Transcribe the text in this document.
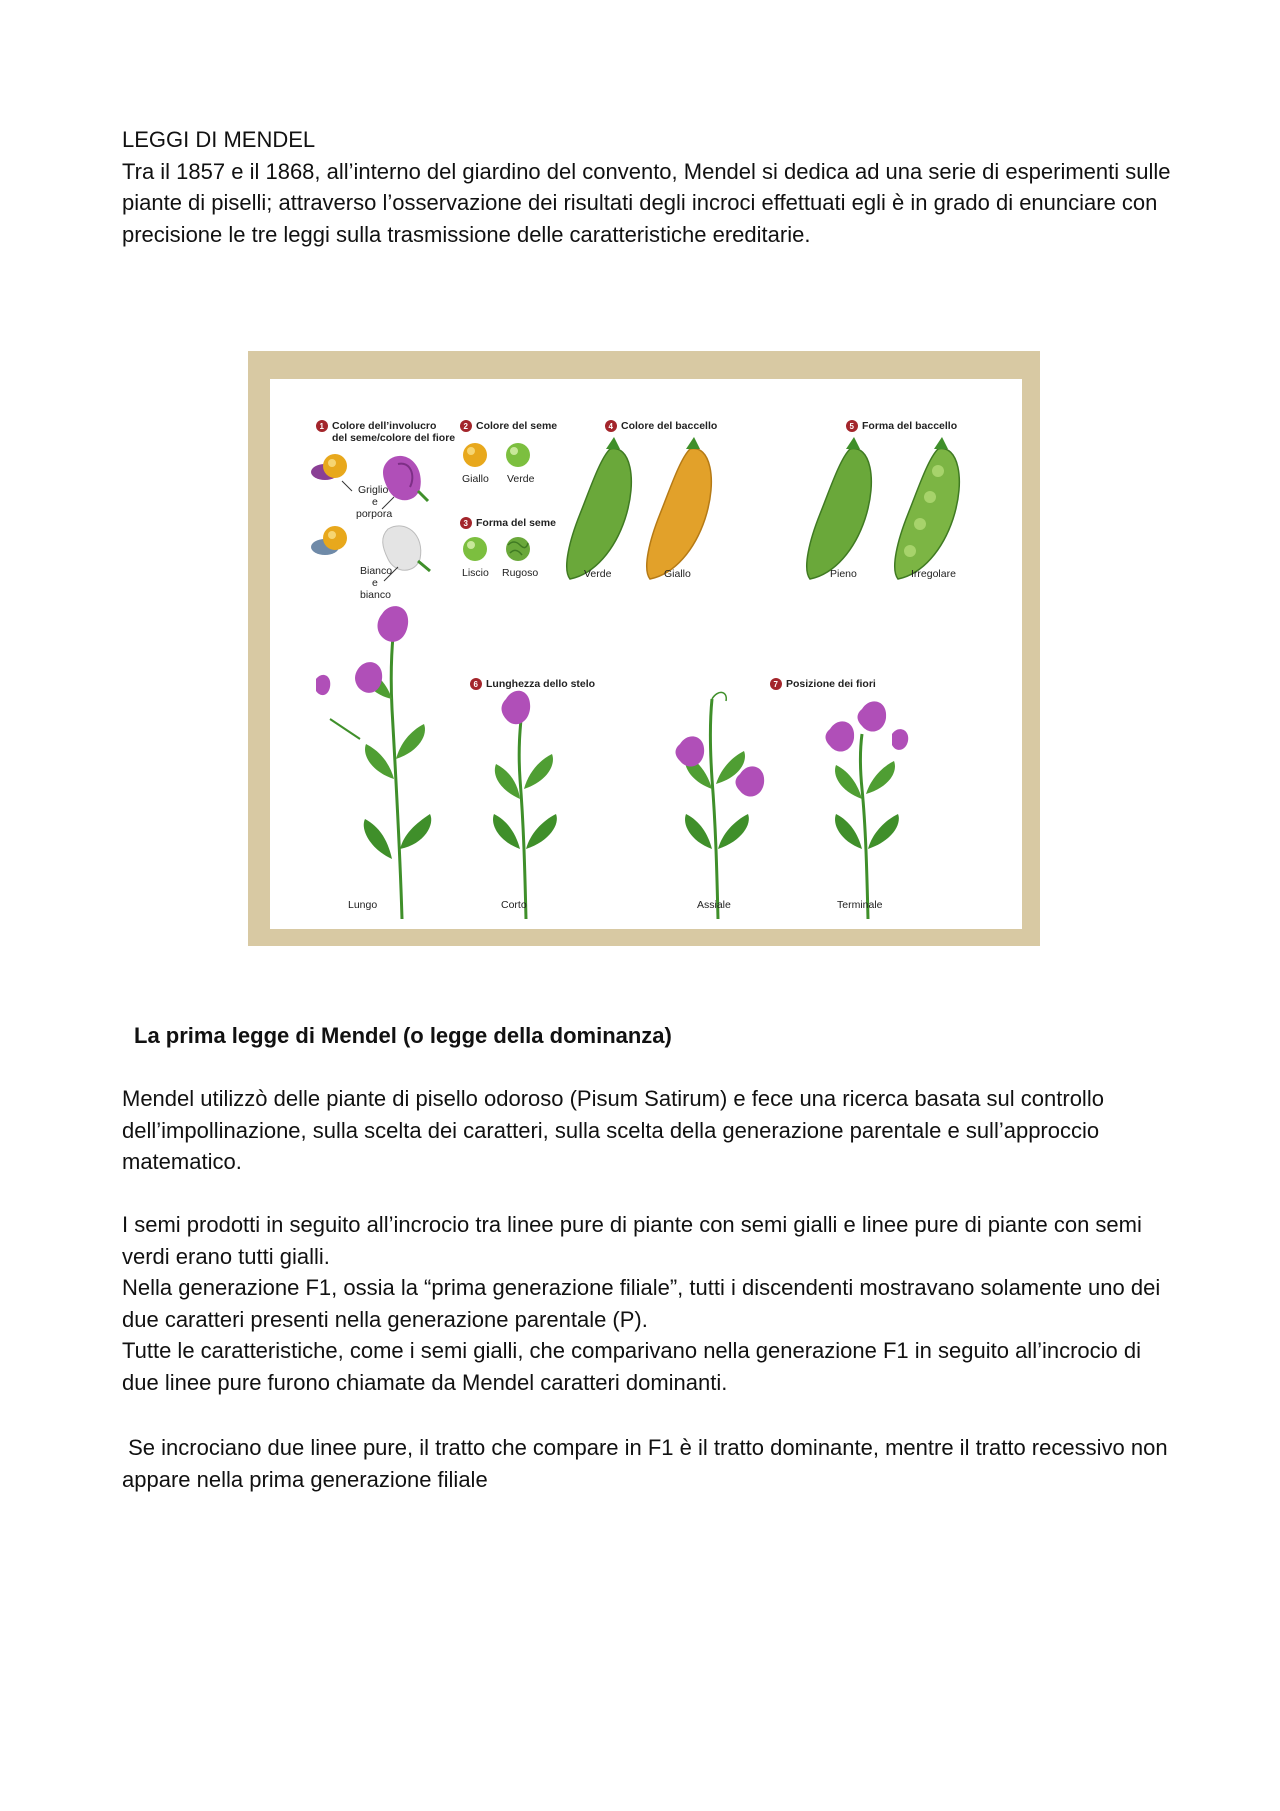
LEGGI DI MENDEL

Tra il 1857 e il 1868, all’interno del giardino del convento, Mendel si dedica ad una serie di esperimenti sulle piante di piselli; attraverso l’osservazione dei risultati degli incroci effettuati egli è in grado di enunciare con precisione le tre leggi sulla trasmissione delle caratteristiche ereditarie.

1	2
3
4	5
6	7
Colore dell’involucro
del seme/colore del fiore
Colore del seme
Forma del seme
Colore del baccello	Forma del baccello
Lunghezza dello stelo	Posizione dei fiori
Griglio
e
porpora
Bianco
e
bianco
Giallo Verde
Liscio Rugoso	Verde	Giallo	Pieno	Irregolare
Lungo	Corto	Assiale	Terminale
La prima legge di Mendel (o legge della dominanza)

Mendel utilizzò delle piante di pisello odoroso (Pisum Satirum) e fece una ricerca basata sul controllo dell’impollinazione, sulla scelta dei caratteri, sulla scelta della generazione parentale e sull’approccio matematico.

I semi prodotti in seguito all’incrocio tra linee pure di piante con semi gialli e linee pure di piante con semi verdi erano tutti gialli.

Nella generazione F1, ossia la “prima generazione filiale”, tutti i discendenti mostravano solamente uno dei due caratteri presenti nella generazione parentale (P).

Tutte le caratteristiche, come i semi gialli, che comparivano nella generazione F1 in seguito all’incrocio di due linee pure furono chiamate da Mendel caratteri dominanti.

Se incrociano due linee pure, il tratto che compare in F1 è il tratto dominante, mentre il tratto recessivo non appare nella prima generazione filiale
